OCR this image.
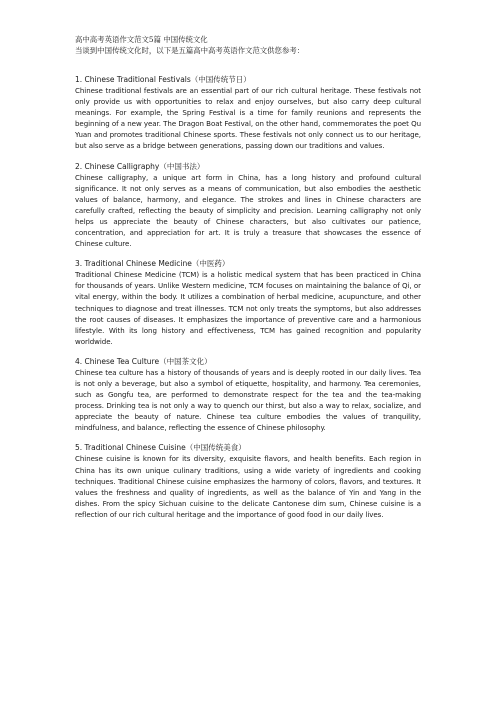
高中高考英语作文范文5篇 中国传统文化

当谈到中国传统文化时，以下是五篇高中高考英语作文范文供您参考：

1. Chinese Traditional Festivals（中国传统节日）

Chinese traditional festivals are an essential part of our rich cultural heritage. These festivals not only provide us with opportunities to relax and enjoy ourselves, but also carry deep cultural meanings. For example, the Spring Festival is a time for family reunions and represents the beginning of a new year. The Dragon Boat Festival, on the other hand, commemorates the poet Qu Yuan and promotes traditional Chinese sports. These festivals not only connect us to our heritage, but also serve as a bridge between generations, passing down our traditions and values.

2. Chinese Calligraphy（中国书法）

Chinese calligraphy, a unique art form in China, has a long history and profound cultural significance. It not only serves as a means of communication, but also embodies the aesthetic values of balance, harmony, and elegance. The strokes and lines in Chinese characters are carefully crafted, reflecting the beauty of simplicity and precision. Learning calligraphy not only helps us appreciate the beauty of Chinese characters, but also cultivates our patience, concentration, and appreciation for art. It is truly a treasure that showcases the essence of Chinese culture.

3. Traditional Chinese Medicine（中医药）

Traditional Chinese Medicine (TCM) is a holistic medical system that has been practiced in China for thousands of years. Unlike Western medicine, TCM focuses on maintaining the balance of Qi, or vital energy, within the body. It utilizes a combination of herbal medicine, acupuncture, and other techniques to diagnose and treat illnesses. TCM not only treats the symptoms, but also addresses the root causes of diseases. It emphasizes the importance of preventive care and a harmonious lifestyle. With its long history and effectiveness, TCM has gained recognition and popularity worldwide.

4. Chinese Tea Culture（中国茶文化）

Chinese tea culture has a history of thousands of years and is deeply rooted in our daily lives. Tea is not only a beverage, but also a symbol of etiquette, hospitality, and harmony. Tea ceremonies, such as Gongfu tea, are performed to demonstrate respect for the tea and the tea-making process. Drinking tea is not only a way to quench our thirst, but also a way to relax, socialize, and appreciate the beauty of nature. Chinese tea culture embodies the values of tranquility, mindfulness, and balance, reflecting the essence of Chinese philosophy.

5. Traditional Chinese Cuisine（中国传统美食）

Chinese cuisine is known for its diversity, exquisite flavors, and health benefits. Each region in China has its own unique culinary traditions, using a wide variety of ingredients and cooking techniques. Traditional Chinese cuisine emphasizes the harmony of colors, flavors, and textures. It values the freshness and quality of ingredients, as well as the balance of Yin and Yang in the dishes. From the spicy Sichuan cuisine to the delicate Cantonese dim sum, Chinese cuisine is a reflection of our rich cultural heritage and the importance of good food in our daily lives.
